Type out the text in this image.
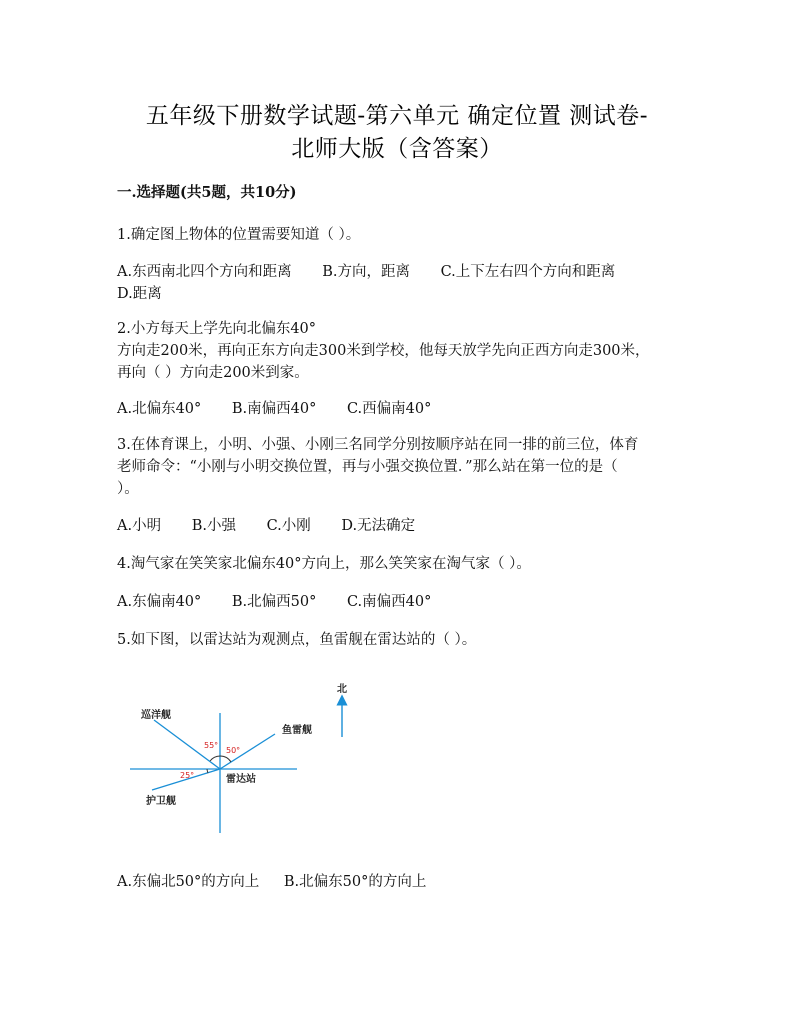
五年级下册数学试题-第六单元 确定位置 测试卷-
北师大版（含答案）
一.选择题(共5题，共10分)
1.确定图上物体的位置需要知道（ ）。
A.东西南北四个方向和距离 B.方向，距离 C.上下左右四个方向和距离
D.距离
2.小方每天上学先向北偏东40°
方向走200米，再向正东方向走300米到学校，他每天放学先向正西方向走300米，
再向（ ）方向走200米到家。
A.北偏东40° B.南偏西40° C.西偏南40°
3.在体育课上，小明、小强、小刚三名同学分别按顺序站在同一排的前三位，体育
老师命令：“小刚与小明交换位置，再与小强交换位置．”那么站在第一位的是（
）。
A.小明 B.小强 C.小刚 D.无法确定
4.淘气家在笑笑家北偏东40°方向上，那么笑笑家在淘气家（ ）。
A.东偏南40° B.北偏西50° C.南偏西40°
5.如下图，以雷达站为观测点，鱼雷舰在雷达站的（ ）。
北
55°
50°
25°
巡洋舰
鱼雷舰
雷达站
护卫舰
A.东偏北50°的方向上 B.北偏东50°的方向上
